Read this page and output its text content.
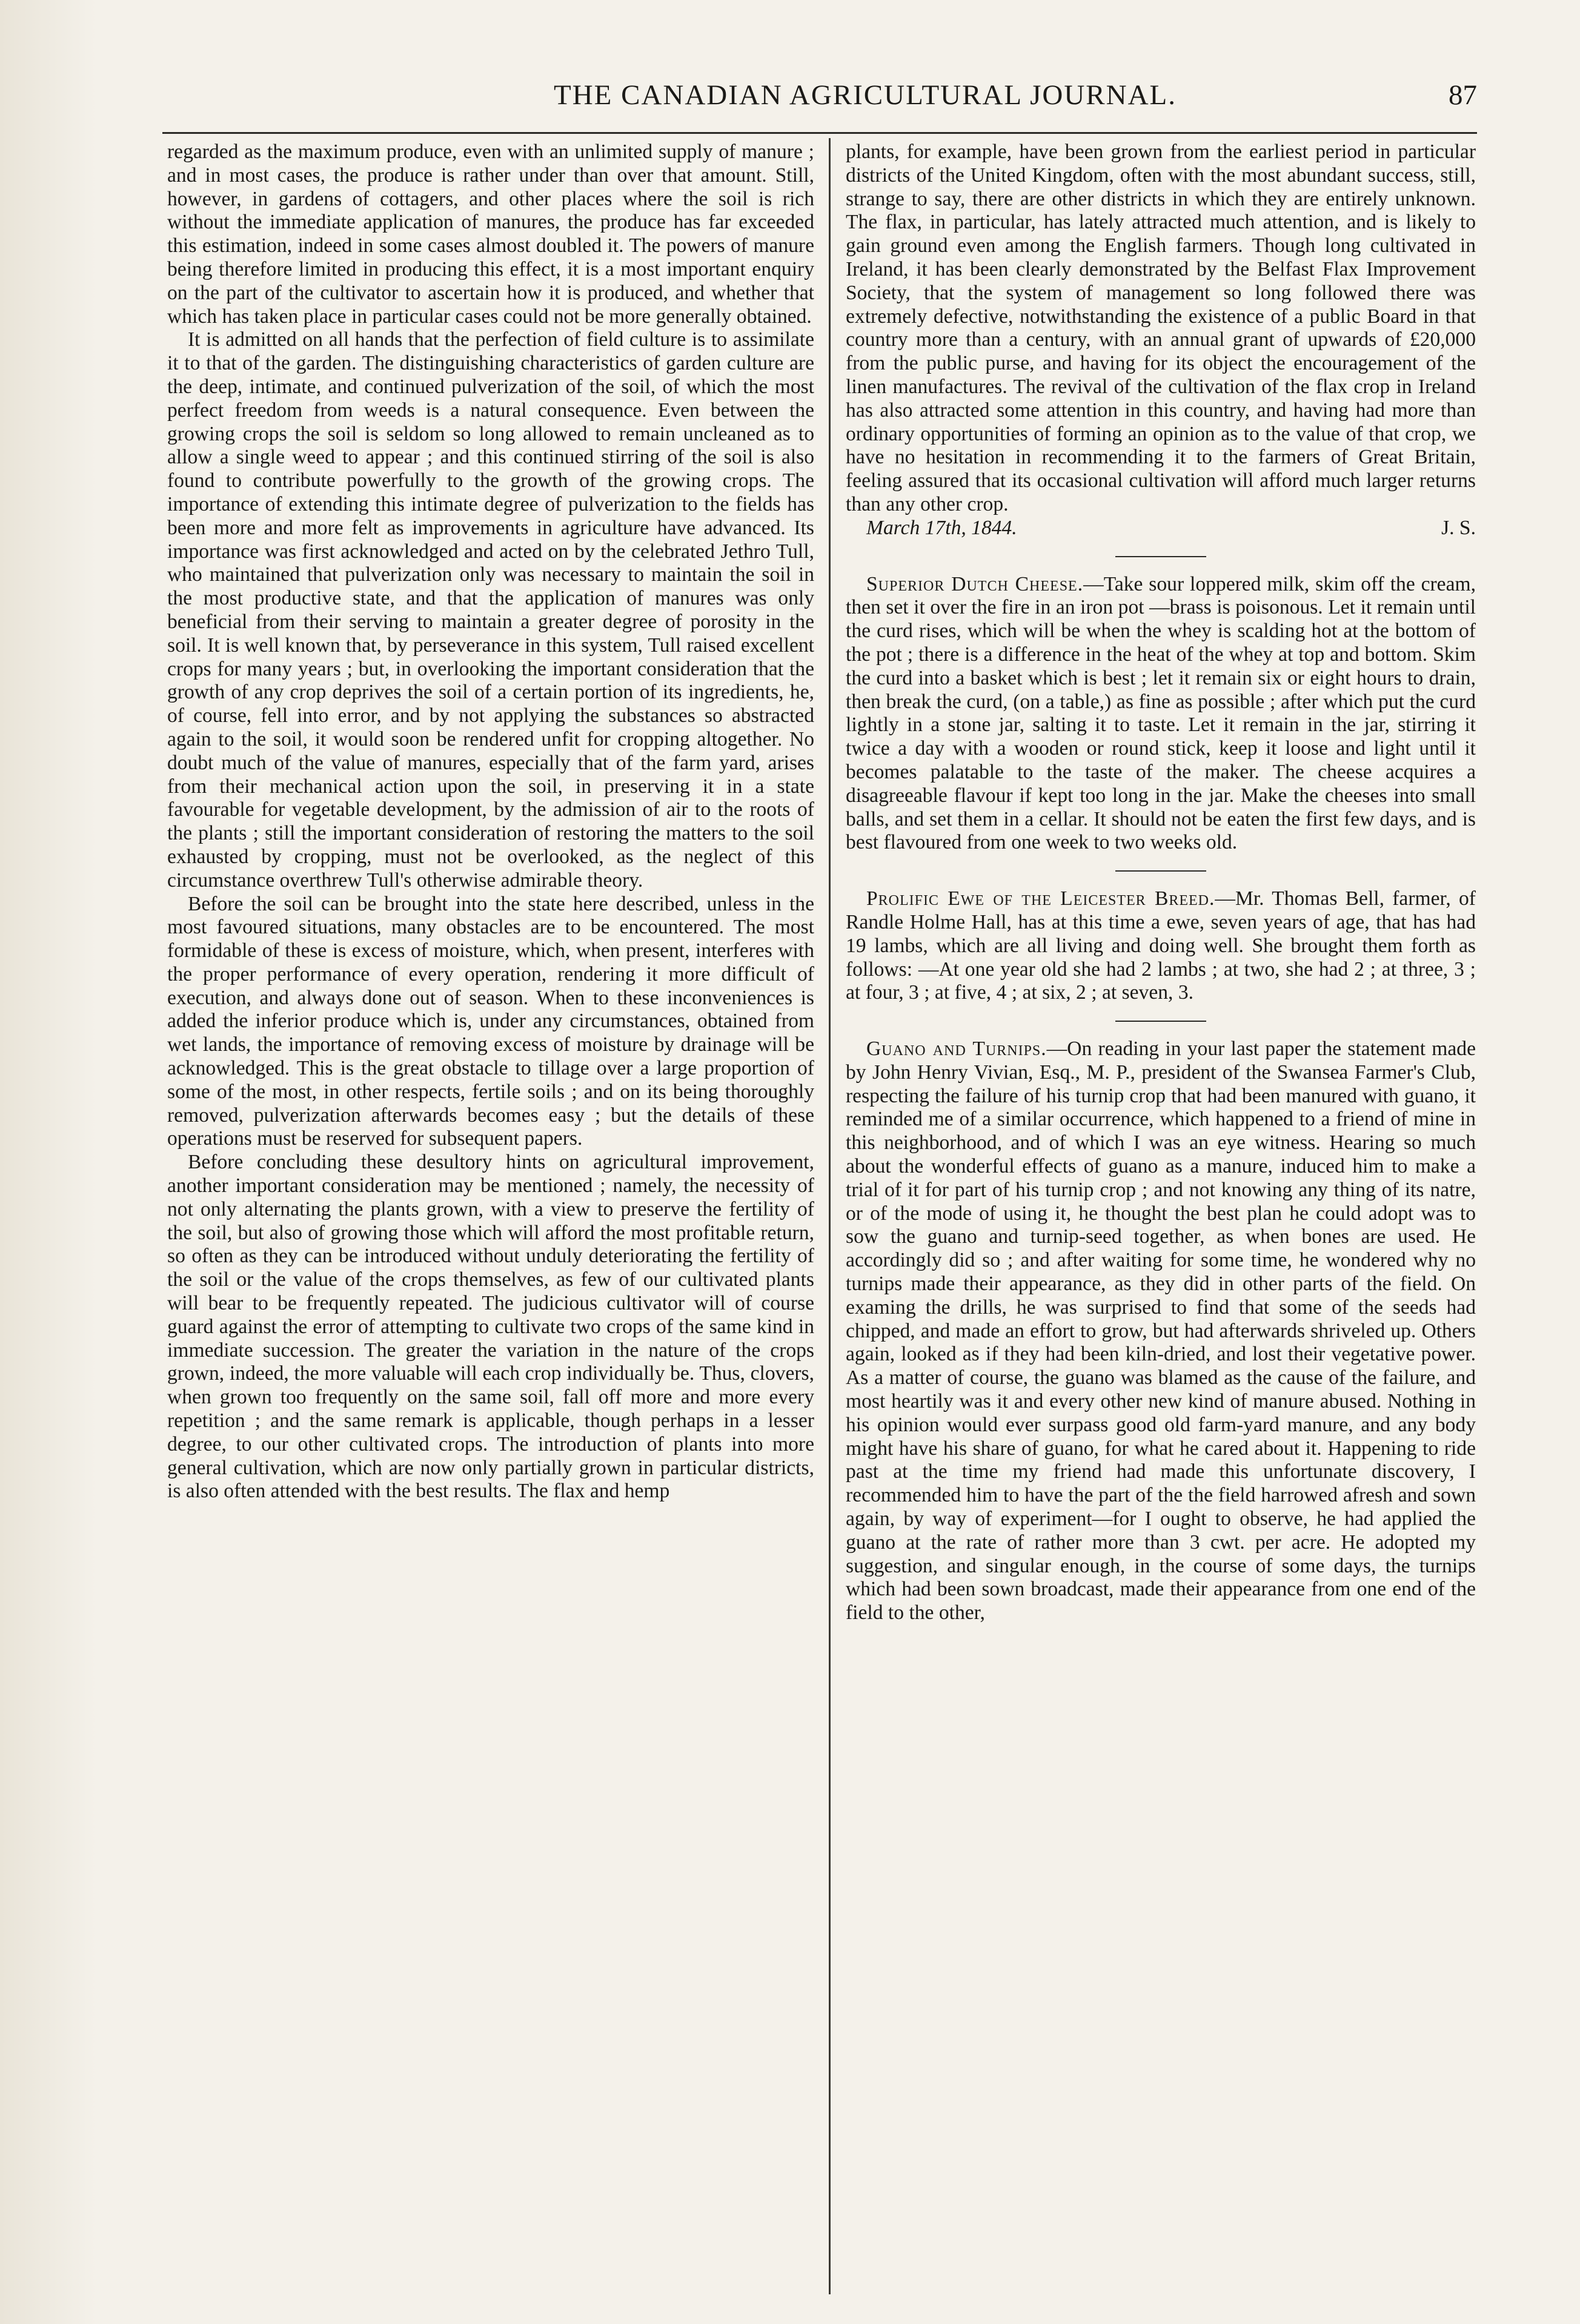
THE CANADIAN AGRICULTURAL JOURNAL.	87

regarded as the maximum produce, even with an unlimited supply of manure ; and in most cases, the produce is rather under than over that amount. Still, however, in gardens of cottagers, and other places where the soil is rich without the immediate application of manures, the produce has far exceeded this estimation, indeed in some cases almost doubled it. The powers of manure being therefore limited in producing this effect, it is a most important enquiry on the part of the cultivator to ascertain how it is produced, and whether that which has taken place in particular cases could not be more generally obtained.

It is admitted on all hands that the perfection of field culture is to assimilate it to that of the garden. The distinguishing characteristics of garden culture are the deep, intimate, and continued pulverization of the soil, of which the most perfect freedom from weeds is a natural consequence. Even between the growing crops the soil is seldom so long allowed to remain uncleaned as to allow a single weed to appear ; and this continued stirring of the soil is also found to contribute powerfully to the growth of the growing crops. The importance of extending this intimate degree of pulverization to the fields has been more and more felt as improvements in agriculture have advanced. Its importance was first acknowledged and acted on by the celebrated Jethro Tull, who maintained that pulverization only was necessary to maintain the soil in the most productive state, and that the application of manures was only beneficial from their serving to maintain a greater degree of porosity in the soil. It is well known that, by perseverance in this system, Tull raised excellent crops for many years ; but, in overlooking the important consideration that the growth of any crop deprives the soil of a certain portion of its ingredients, he, of course, fell into error, and by not applying the substances so abstracted again to the soil, it would soon be rendered unfit for cropping altogether. No doubt much of the value of manures, especially that of the farm yard, arises from their mechanical action upon the soil, in preserving it in a state favourable for vegetable development, by the admission of air to the roots of the plants ; still the important consideration of restoring the matters to the soil exhausted by cropping, must not be overlooked, as the neglect of this circumstance overthrew Tull's otherwise admirable theory.

Before the soil can be brought into the state here described, unless in the most favoured situations, many obstacles are to be encountered. The most formidable of these is excess of moisture, which, when present, interferes with the proper performance of every operation, rendering it more difficult of execution, and always done out of season. When to these inconveniences is added the inferior produce which is, under any circumstances, obtained from wet lands, the importance of removing excess of moisture by drainage will be acknowledged. This is the great obstacle to tillage over a large proportion of some of the most, in other respects, fertile soils ; and on its being thoroughly removed, pulverization afterwards becomes easy ; but the details of these operations must be reserved for subsequent papers.

Before concluding these desultory hints on agricultural improvement, another important consideration may be mentioned ; namely, the necessity of not only alternating the plants grown, with a view to preserve the fertility of the soil, but also of growing those which will afford the most profitable return, so often as they can be introduced without unduly deteriorating the fertility of the soil or the value of the crops themselves, as few of our cultivated plants will bear to be frequently repeated. The judicious cultivator will of course guard against the error of attempting to cultivate two crops of the same kind in immediate succession. The greater the variation in the nature of the crops grown, indeed, the more valuable will each crop individually be. Thus, clovers, when grown too frequently on the same soil, fall off more and more every repetition ; and the same remark is applicable, though perhaps in a lesser degree, to our other cultivated crops. The introduction of plants into more general cultivation, which are now only partially grown in particular districts, is also often attended with the best results. The flax and hemp

plants, for example, have been grown from the earliest period in particular districts of the United Kingdom, often with the most abundant success, still, strange to say, there are other districts in which they are entirely unknown. The flax, in particular, has lately attracted much attention, and is likely to gain ground even among the English farmers. Though long cultivated in Ireland, it has been clearly demonstrated by the Belfast Flax Improvement Society, that the system of management so long followed there was extremely defective, notwithstanding the existence of a public Board in that country more than a century, with an annual grant of upwards of £20,000 from the public purse, and having for its object the encouragement of the linen manufactures. The revival of the cultivation of the flax crop in Ireland has also attracted some attention in this country, and having had more than ordinary opportunities of forming an opinion as to the value of that crop, we have no hesitation in recommending it to the farmers of Great Britain, feeling assured that its occasional cultivation will afford much larger returns than any other crop.

March 17th, 1844.	J. S.

Superior Dutch Cheese.—Take sour loppered milk, skim off the cream, then set it over the fire in an iron pot —brass is poisonous. Let it remain until the curd rises, which will be when the whey is scalding hot at the bottom of the pot ; there is a difference in the heat of the whey at top and bottom. Skim the curd into a basket which is best ; let it remain six or eight hours to drain, then break the curd, (on a table,) as fine as possible ; after which put the curd lightly in a stone jar, salting it to taste. Let it remain in the jar, stirring it twice a day with a wooden or round stick, keep it loose and light until it becomes palatable to the taste of the maker. The cheese acquires a disagreeable flavour if kept too long in the jar. Make the cheeses into small balls, and set them in a cellar. It should not be eaten the first few days, and is best flavoured from one week to two weeks old.

Prolific Ewe of the Leicester Breed.—Mr. Thomas Bell, farmer, of Randle Holme Hall, has at this time a ewe, seven years of age, that has had 19 lambs, which are all living and doing well. She brought them forth as follows: —At one year old she had 2 lambs ; at two, she had 2 ; at three, 3 ; at four, 3 ; at five, 4 ; at six, 2 ; at seven, 3.

Guano and Turnips.—On reading in your last paper the statement made by John Henry Vivian, Esq., M. P., president of the Swansea Farmer's Club, respecting the failure of his turnip crop that had been manured with guano, it reminded me of a similar occurrence, which happened to a friend of mine in this neighborhood, and of which I was an eye witness. Hearing so much about the wonderful effects of guano as a manure, induced him to make a trial of it for part of his turnip crop ; and not knowing any thing of its natre, or of the mode of using it, he thought the best plan he could adopt was to sow the guano and turnip-seed together, as when bones are used. He accordingly did so ; and after waiting for some time, he wondered why no turnips made their appearance, as they did in other parts of the field. On examing the drills, he was surprised to find that some of the seeds had chipped, and made an effort to grow, but had afterwards shriveled up. Others again, looked as if they had been kiln-dried, and lost their vegetative power. As a matter of course, the guano was blamed as the cause of the failure, and most heartily was it and every other new kind of manure abused. Nothing in his opinion would ever surpass good old farm-yard manure, and any body might have his share of guano, for what he cared about it. Happening to ride past at the time my friend had made this unfortunate discovery, I recommended him to have the part of the the field harrowed afresh and sown again, by way of experiment—for I ought to observe, he had applied the guano at the rate of rather more than 3 cwt. per acre. He adopted my suggestion, and singular enough, in the course of some days, the turnips which had been sown broadcast, made their appearance from one end of the field to the other,
